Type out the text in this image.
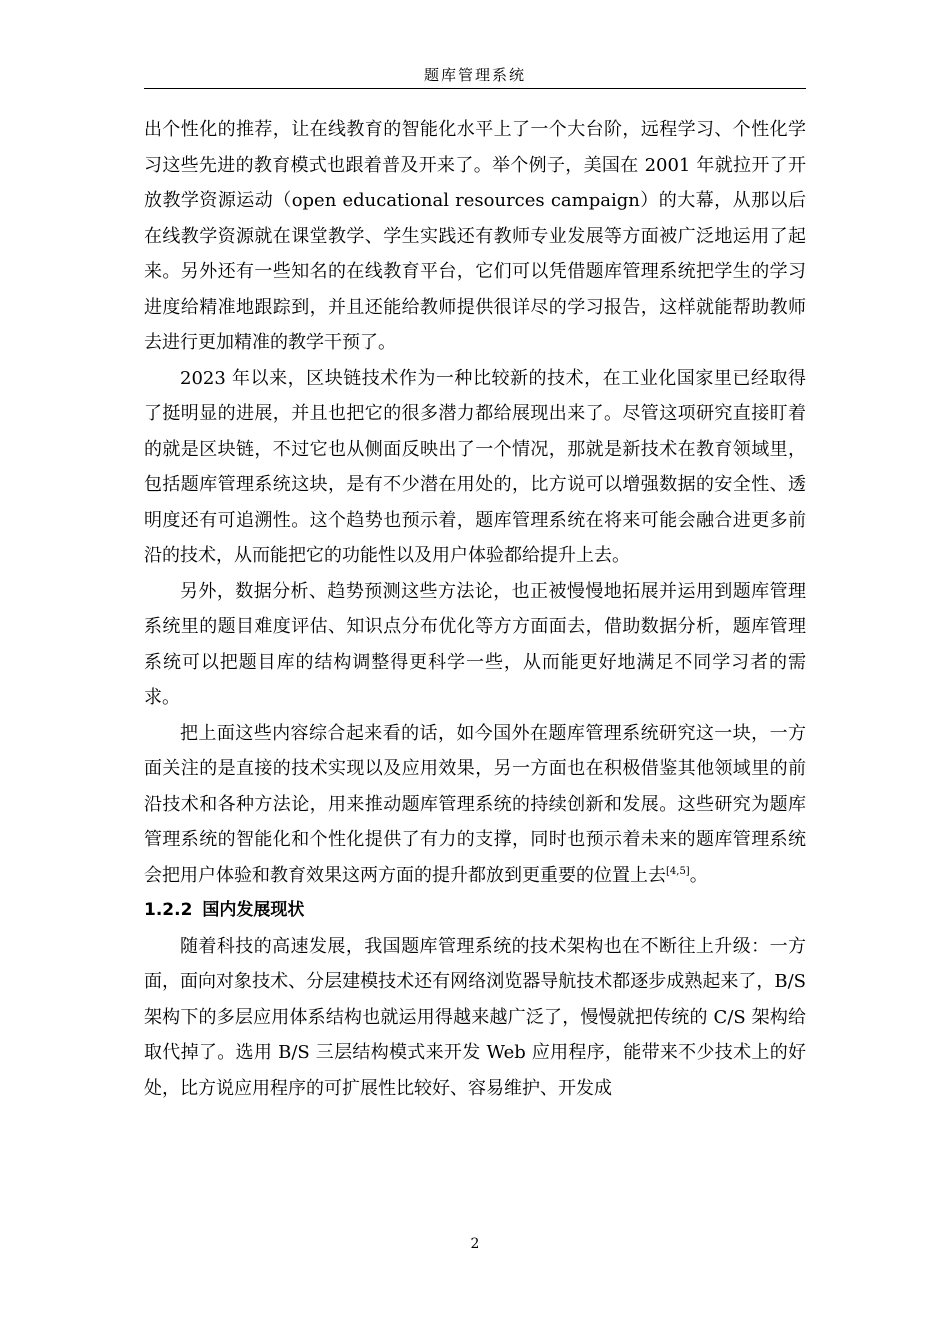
题库管理系统

出个性化的推荐，让在线教育的智能化水平上了一个大台阶，远程学习、个性化学习这些先进的教育模式也跟着普及开来了。举个例子，美国在 2001 年就拉开了开放教学资源运动（open educational resources campaign）的大幕，从那以后在线教学资源就在课堂教学、学生实践还有教师专业发展等方面被广泛地运用了起来。另外还有一些知名的在线教育平台，它们可以凭借题库管理系统把学生的学习进度给精准地跟踪到，并且还能给教师提供很详尽的学习报告，这样就能帮助教师去进行更加精准的教学干预了。

2023 年以来，区块链技术作为一种比较新的技术，在工业化国家里已经取得了挺明显的进展，并且也把它的很多潜力都给展现出来了。尽管这项研究直接盯着的就是区块链，不过它也从侧面反映出了一个情况，那就是新技术在教育领域里，包括题库管理系统这块，是有不少潜在用处的，比方说可以增强数据的安全性、透明度还有可追溯性。这个趋势也预示着，题库管理系统在将来可能会融合进更多前沿的技术，从而能把它的功能性以及用户体验都给提升上去。

另外，数据分析、趋势预测这些方法论，也正被慢慢地拓展并运用到题库管理系统里的题目难度评估、知识点分布优化等方方面面去，借助数据分析，题库管理系统可以把题目库的结构调整得更科学一些，从而能更好地满足不同学习者的需求。

把上面这些内容综合起来看的话，如今国外在题库管理系统研究这一块，一方面关注的是直接的技术实现以及应用效果，另一方面也在积极借鉴其他领域里的前沿技术和各种方法论，用来推动题库管理系统的持续创新和发展。这些研究为题库管理系统的智能化和个性化提供了有力的支撑，同时也预示着未来的题库管理系统会把用户体验和教育效果这两方面的提升都放到更重要的位置上去[4,5]。

1.2.2 国内发展现状

随着科技的高速发展，我国题库管理系统的技术架构也在不断往上升级：一方面，面向对象技术、分层建模技术还有网络浏览器导航技术都逐步成熟起来了，B/S 架构下的多层应用体系结构也就运用得越来越广泛了，慢慢就把传统的 C/S 架构给取代掉了。选用 B/S 三层结构模式来开发 Web 应用程序，能带来不少技术上的好处，比方说应用程序的可扩展性比较好、容易维护、开发成

2
